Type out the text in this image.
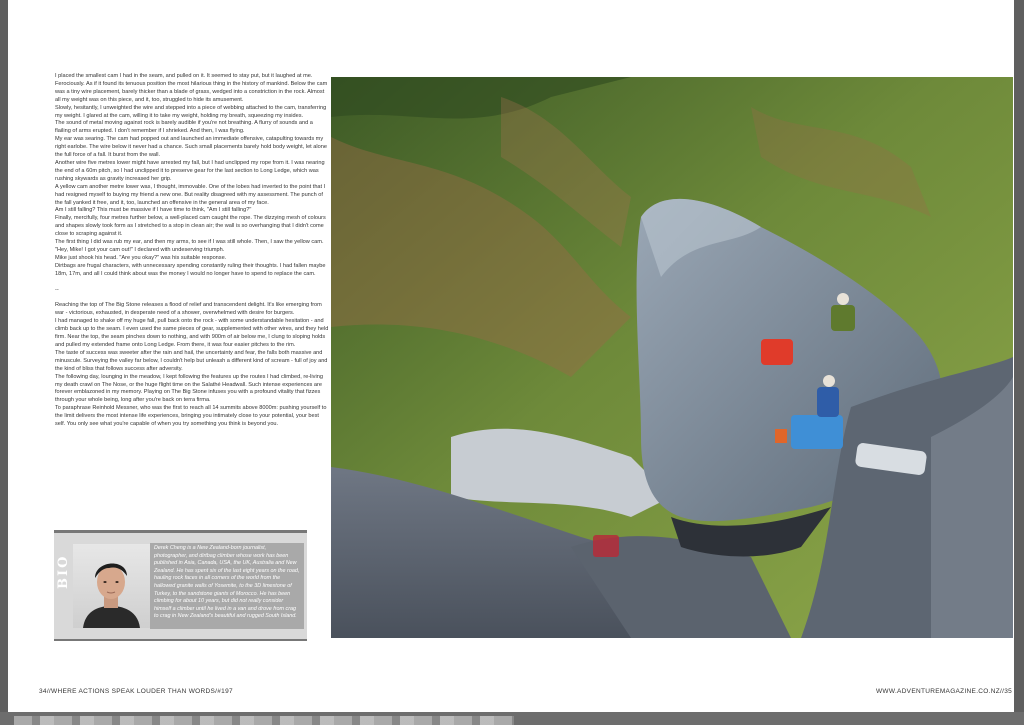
I placed the smallest cam I had in the seam, and pulled on it. It seemed to stay put, but it laughed at me. Ferociously. As if it found its tenuous position the most hilarious thing in the history of mankind. Below the cam was a tiny wire placement, barely thicker than a blade of grass, wedged into a constriction in the rock. Almost all my weight was on this piece, and it, too, struggled to hide its amusement.

Slowly, hesitantly, I unweighted the wire and stepped into a piece of webbing attached to the cam, transferring my weight. I glared at the cam, willing it to take my weight, holding my breath, squeezing my insides.

The sound of metal moving against rock is barely audible if you're not breathing. A flurry of sounds and a flailing of arms erupted. I don't remember if I shrieked. And then, I was flying.

My ear was searing. The cam had popped out and launched an immediate offensive, catapulting towards my right earlobe. The wire below it never had a chance. Such small placements barely hold body weight, let alone the full force of a fall. It burst from the wall.

Another wire five metres lower might have arrested my fall, but I had unclipped my rope from it. I was nearing the end of a 60m pitch, so I had unclipped it to preserve gear for the last section to Long Ledge, which was rushing skywards as gravity increased her grip.

A yellow cam another metre lower was, I thought, immovable. One of the lobes had inverted to the point that I had resigned myself to buying my friend a new one. But reality disagreed with my assessment. The punch of the fall yanked it free, and it, too, launched an offensive in the general area of my face.

Am I still falling? This must be massive if I have time to think, "Am I still falling?"

Finally, mercifully, four metres further below, a well-placed cam caught the rope. The dizzying mesh of colours and shapes slowly took form as I stretched to a stop in clean air; the wall is so overhanging that I didn't come close to scraping against it.

The first thing I did was rub my ear, and then my arms, to see if I was still whole. Then, I saw the yellow cam. "Hey, Mike! I got your cam out!" I declared with undeserving triumph.

Mike just shook his head. "Are you okay?" was his suitable response.

Dirtbags are frugal characters, with unnecessary spending constantly ruling their thoughts. I had fallen maybe 18m, 17m, and all I could think about was the money I would no longer have to spend to replace the cam.

--

Reaching the top of The Big Stone releases a flood of relief and transcendent delight. It's like emerging from war - victorious, exhausted, in desperate need of a shower, overwhelmed with desire for burgers.

I had managed to shake off my huge fall, pull back onto the rock - with some understandable hesitation - and climb back up to the seam. I even used the same pieces of gear, supplemented with other wires, and they held firm. Near the top, the seam pinches down to nothing, and with 900m of air below me, I clung to sloping holds and pulled my extended frame onto Long Ledge. From there, it was four easier pitches to the rim.

The taste of success was sweeter after the rain and hail, the uncertainty and fear, the falls both massive and minuscule. Surveying the valley far below, I couldn't help but unleash a different kind of scream - full of joy and the kind of bliss that follows success after adversity.

The following day, lounging in the meadow, I kept following the features up the routes I had climbed, re-living my death crawl on The Nose, or the huge flight time on the Salathé Headwall. Such intense experiences are forever emblazoned in my memory. Playing on The Big Stone infuses you with a profound vitality that fizzes through your whole being, long after you're back on terra firma.

To paraphrase Reinhold Messner, who was the first to reach all 14 summits above 8000m: pushing yourself to the limit delivers the most intense life experiences, bringing you intimately close to your potential, your best self. You only see what you're capable of when you try something you think is beyond you.

BIO
Derek Cheng is a New Zealand-born journalist, photographer, and dirtbag climber whose work has been published in Asia, Canada, USA, the UK, Australia and New Zealand. He has spent six of the last eight years on the road, hauling rock faces in all corners of the world from the hallowed granite walls of Yosemite, to the 3D limestone of Turkey, to the sandstone giants of Morocco. He has been climbing for about 10 years, but did not really consider himself a climber until he lived in a van and drove from crag to crag in New Zealand's beautiful and rugged South Island.
34//WHERE ACTIONS SPEAK LOUDER THAN WORDS/#197	WWW.ADVENTUREMAGAZINE.CO.NZ//35
